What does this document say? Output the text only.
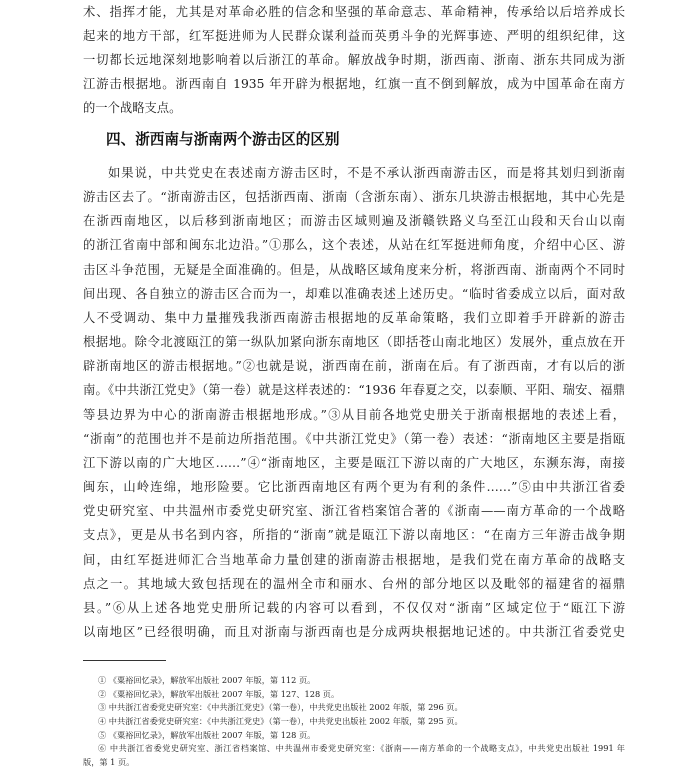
术、指挥才能，尤其是对革命必胜的信念和坚强的革命意志、革命精神，传承给以后培养成长
起来的地方干部，红军挺进师为人民群众谋利益而英勇斗争的光辉事迹、严明的组织纪律，这
一切都长远地深刻地影响着以后浙江的革命。解放战争时期，浙西南、浙南、浙东共同成为浙
江游击根据地。浙西南自 1935 年开辟为根据地，红旗一直不倒到解放，成为中国革命在南方
的一个战略支点。
四、浙西南与浙南两个游击区的区别
如果说，中共党史在表述南方游击区时，不是不承认浙西南游击区，而是将其划归到浙南
游击区去了。“浙南游击区，包括浙西南、浙南（含浙东南）、浙东几块游击根据地，其中心先是
在浙西南地区，以后移到浙南地区；而游击区域则遍及浙赣铁路义乌至江山段和天台山以南
的浙江省南中部和闽东北边沿。”①那么，这个表述，从站在红军挺进师角度，介绍中心区、游
击区斗争范围，无疑是全面准确的。但是，从战略区域角度来分析，将浙西南、浙南两个不同时
间出现、各自独立的游击区合而为一，却难以准确表述上述历史。“临时省委成立以后，面对敌
人不受调动、集中力量摧残我浙西南游击根据地的反革命策略，我们立即着手开辟新的游击
根据地。除令北渡瓯江的第一纵队加紧向浙东南地区（即括苍山南北地区）发展外，重点放在开
辟浙南地区的游击根据地。”②也就是说，浙西南在前，浙南在后。有了浙西南，才有以后的浙
南。《中共浙江党史》（第一卷）就是这样表述的：“1936 年春夏之交，以泰顺、平阳、瑞安、福鼎
等县边界为中心的浙南游击根据地形成。”③从目前各地党史册关于浙南根据地的表述上看，
“浙南”的范围也并不是前边所指范围。《中共浙江党史》（第一卷）表述：“浙南地区主要是指瓯
江下游以南的广大地区……”④“浙南地区，主要是瓯江下游以南的广大地区，东濒东海，南接
闽东，山岭连绵，地形险要。它比浙西南地区有两个更为有利的条件……”⑤由中共浙江省委
党史研究室、中共温州市委党史研究室、浙江省档案馆合著的《浙南——南方革命的一个战略
支点》，更是从书名到内容，所指的“浙南”就是瓯江下游以南地区：“在南方三年游击战争期
间，由红军挺进师汇合当地革命力量创建的浙南游击根据地，是我们党在南方革命的战略支
点之一。其地域大致包括现在的温州全市和丽水、台州的部分地区以及毗邻的福建省的福鼎
县。”⑥从上述各地党史册所记载的内容可以看到，不仅仅对“浙南”区域定位于“瓯江下游
以南地区”已经很明确，而且对浙南与浙西南也是分成两块根据地记述的。中共浙江省委党史
① 《粟裕回忆录》，解放军出版社 2007 年版，第 112 页。
② 《粟裕回忆录》，解放军出版社 2007 年版，第 127、128 页。
③ 中共浙江省委党史研究室：《中共浙江党史》（第一卷），中共党史出版社 2002 年版，第 296 页。
④ 中共浙江省委党史研究室：《中共浙江党史》（第一卷），中共党史出版社 2002 年版，第 295 页。
⑤ 《粟裕回忆录》，解放军出版社 2007 年版，第 128 页。
⑥ 中共浙江省委党史研究室、浙江省档案馆、中共温州市委党史研究室：《浙南——南方革命的一个战略支点》，中共党史出版社 1991 年
版，第 1 页。
